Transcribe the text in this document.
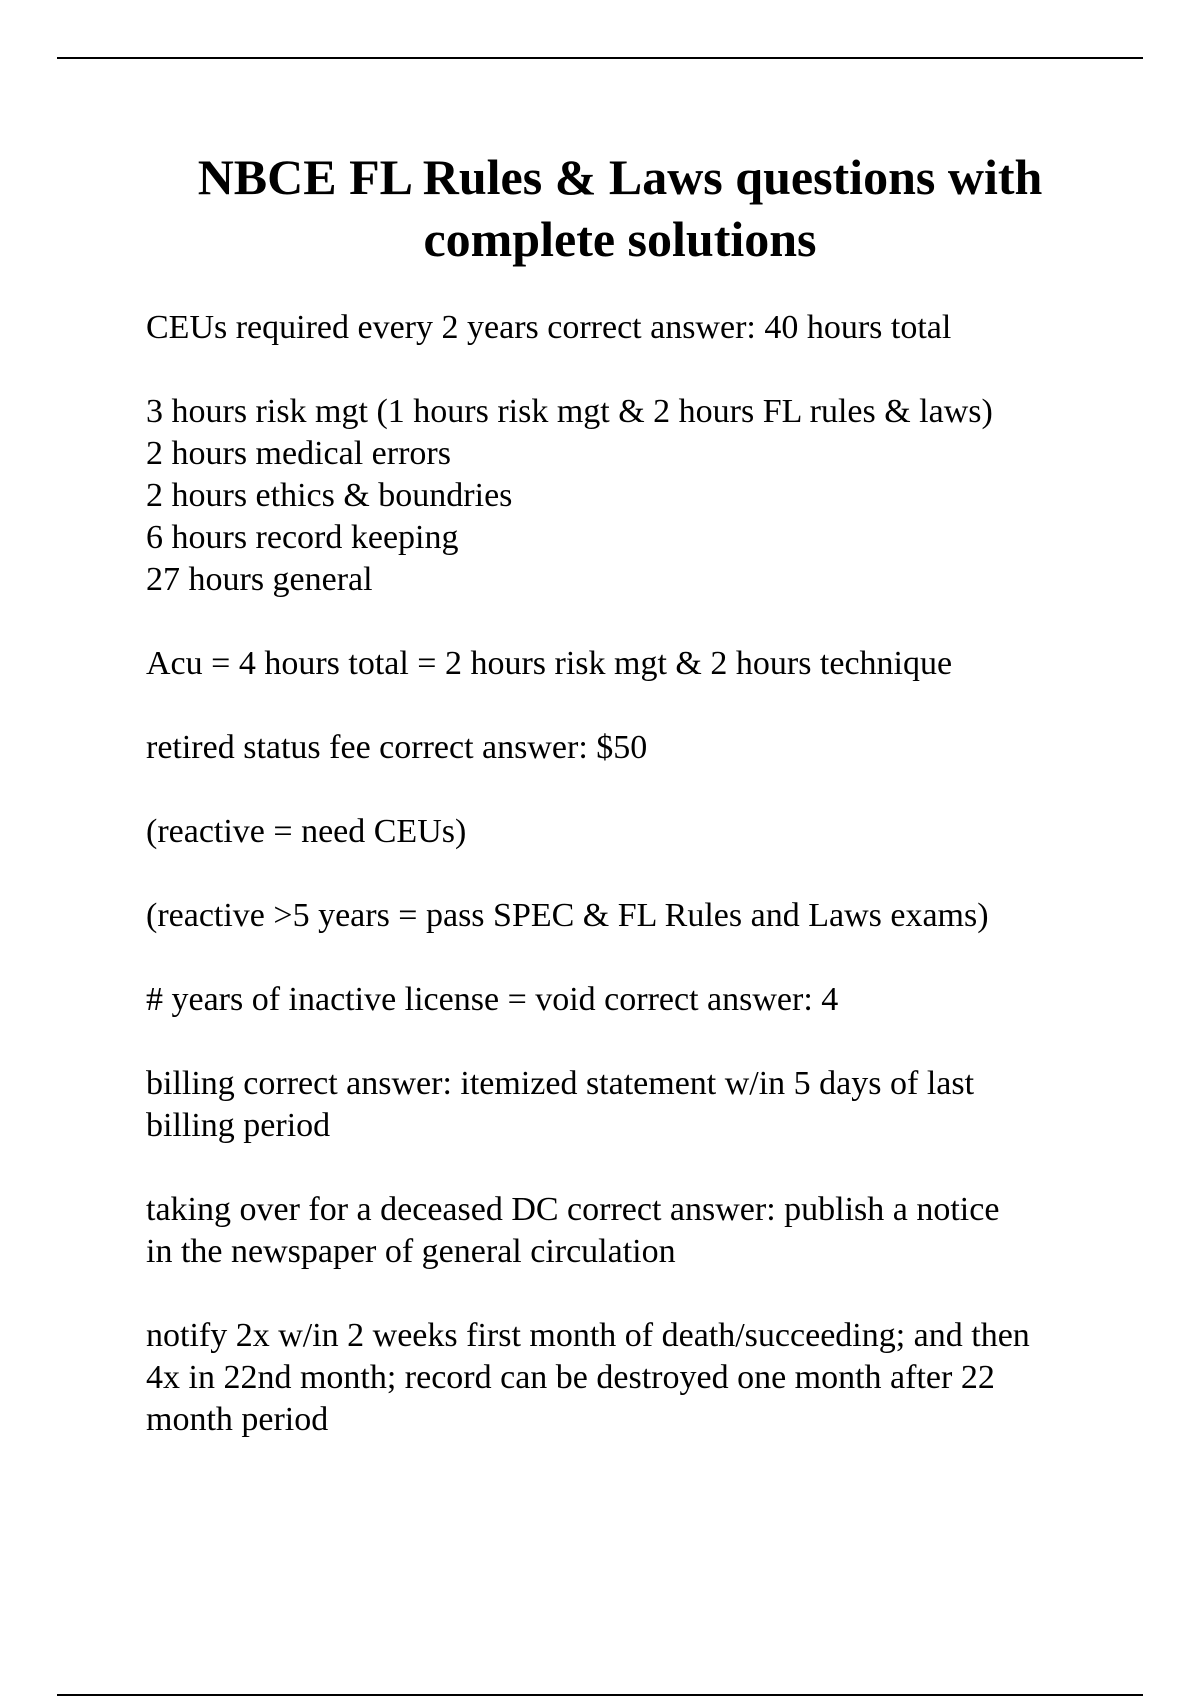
NBCE FL Rules & Laws questions with
complete solutions

CEUs required every 2 years correct answer: 40 hours total

3 hours risk mgt (1 hours risk mgt & 2 hours FL rules & laws)
2 hours medical errors
2 hours ethics & boundries
6 hours record keeping
27 hours general

Acu = 4 hours total = 2 hours risk mgt & 2 hours technique

retired status fee correct answer: $50

(reactive = need CEUs)

(reactive >5 years = pass SPEC & FL Rules and Laws exams)

# years of inactive license = void correct answer: 4

billing correct answer: itemized statement w/in 5 days of last
billing period

taking over for a deceased DC correct answer: publish a notice
in the newspaper of general circulation

notify 2x w/in 2 weeks first month of death/succeeding; and then
4x in 22nd month; record can be destroyed one month after 22
month period
